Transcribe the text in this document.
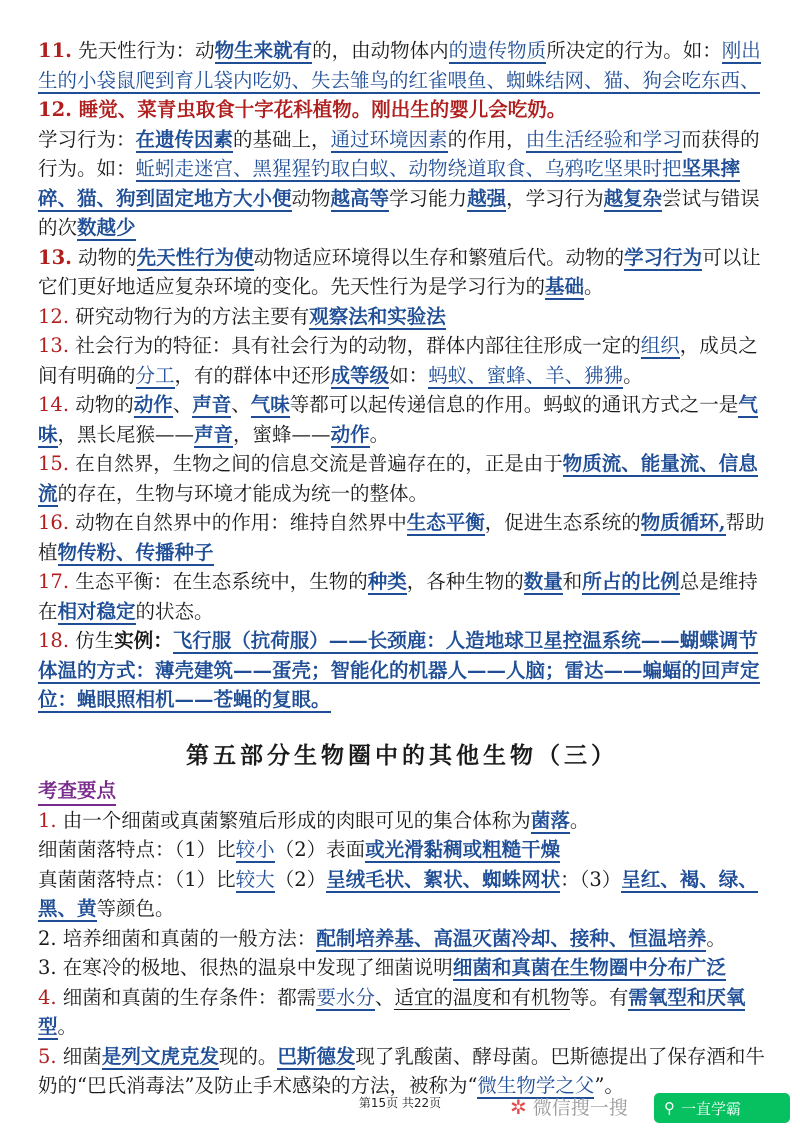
11. 先天性行为：动物生来就有的，由动物体内的遗传物质所决定的行为。如：刚出生的小袋鼠爬到育儿袋内吃奶、失去雏鸟的红雀喂鱼、蜘蛛结网、猫、狗会吃东西、

12. 睡觉、菜青虫取食十字花科植物。刚出生的婴儿会吃奶。

学习行为：在遗传因素的基础上，通过环境因素的作用，由生活经验和学习而获得的行为。如：蚯蚓走迷宫、黑猩猩钓取白蚁、动物绕道取食、乌鸦吃坚果时把坚果摔碎、猫、狗到固定地方大小便动物越高等学习能力越强，学习行为越复杂尝试与错误的次数越少

13. 动物的先天性行为使动物适应环境得以生存和繁殖后代。动物的学习行为可以让它们更好地适应复杂环境的变化。先天性行为是学习行为的基础。

12. 研究动物行为的方法主要有观察法和实验法

13. 社会行为的特征：具有社会行为的动物，群体内部往往形成一定的组织，成员之间有明确的分工，有的群体中还形成等级如：蚂蚁、蜜蜂、羊、狒狒。

14. 动物的动作、声音、气味等都可以起传递信息的作用。蚂蚁的通讯方式之一是气味，黑长尾猴——声音，蜜蜂——动作。

15. 在自然界，生物之间的信息交流是普遍存在的，正是由于物质流、能量流、信息流的存在，生物与环境才能成为统一的整体。

16. 动物在自然界中的作用：维持自然界中生态平衡，促进生态系统的物质循环,帮助植物传粉、传播种子

17. 生态平衡：在生态系统中，生物的种类，各种生物的数量和所占的比例总是维持在相对稳定的状态。

18. 仿生实例：飞行服（抗荷服）——长颈鹿：人造地球卫星控温系统——蝴蝶调节体温的方式：薄壳建筑——蛋壳；智能化的机器人——人脑；雷达——蝙蝠的回声定位：蝇眼照相机——苍蝇的复眼。

第五部分生物圈中的其他生物（三）
考查要点

1. 由一个细菌或真菌繁殖后形成的肉眼可见的集合体称为菌落。

细菌菌落特点：（1）比较小（2）表面或光滑黏稠或粗糙干燥

真菌菌落特点：（1）比较大（2）呈绒毛状、絮状、蜘蛛网状：（3）呈红、褐、绿、黑、黄等颜色。

2. 培养细菌和真菌的一般方法：配制培养基、高温灭菌冷却、接种、恒温培养。

3. 在寒冷的极地、很热的温泉中发现了细菌说明细菌和真菌在生物圈中分布广泛

4. 细菌和真菌的生存条件：都需要水分、适宜的温度和有机物等。有需氧型和厌氧型。

5. 细菌是列文虎克发现的。巴斯德发现了乳酸菌、酵母菌。巴斯德提出了保存酒和牛奶的“巴氏消毒法”及防止手术感染的方法，被称为“微生物学之父”。

第15页 共22页	✲ 微信搜一搜 ⚲ 一直学霸
